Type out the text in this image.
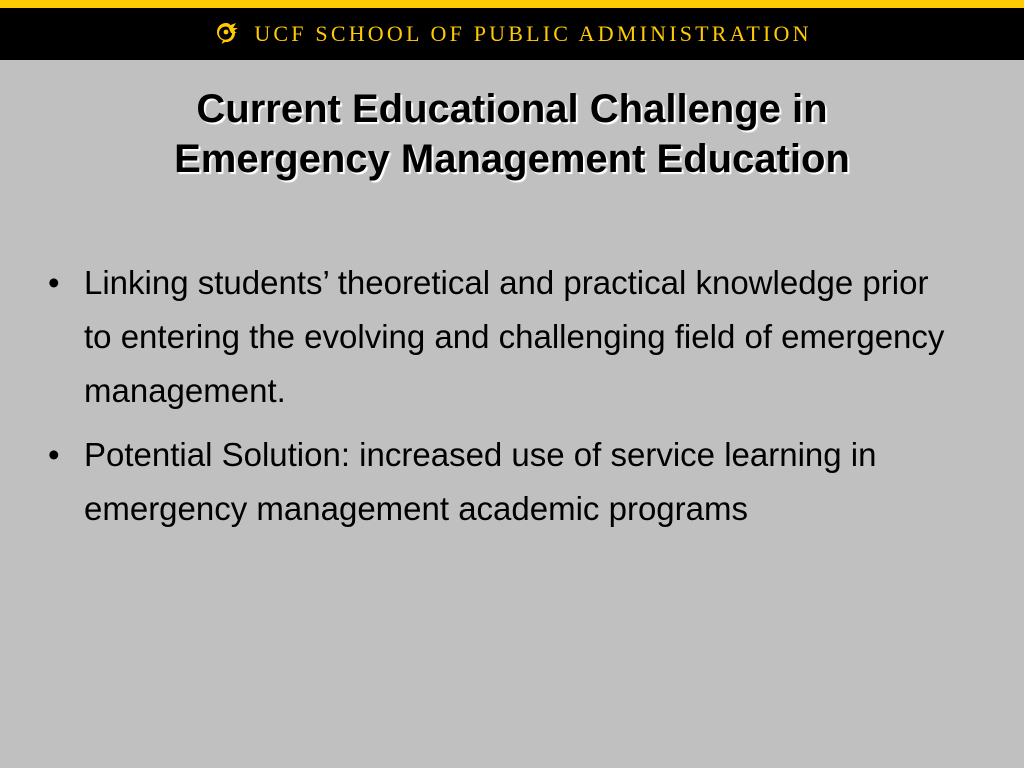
UCF SCHOOL OF PUBLIC ADMINISTRATION
Current Educational Challenge in
Emergency Management Education
• Linking students’ theoretical and practical knowledge prior to entering the evolving and challenging field of emergency management.
• Potential Solution: increased use of service learning in emergency management academic programs
